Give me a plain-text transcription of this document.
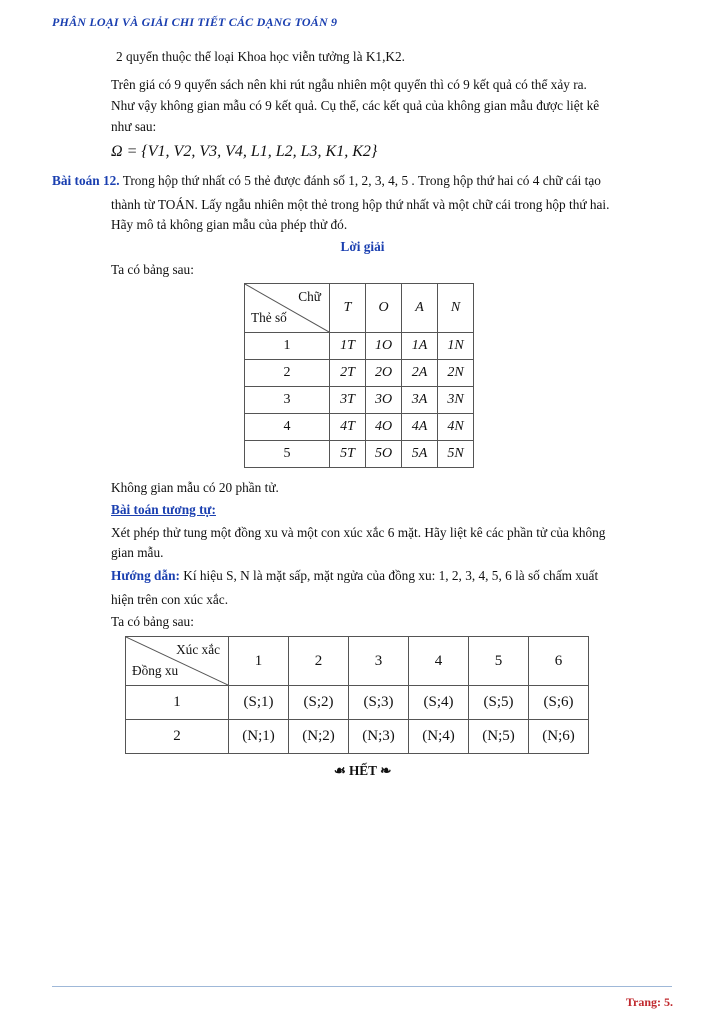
PHÂN LOẠI VÀ GIẢI CHI TIẾT CÁC DẠNG TOÁN 9
2 quyển thuộc thể loại Khoa học viễn tưởng là K1,K2.
Trên giá có 9 quyển sách nên khi rút ngẫu nhiên một quyển thì có 9 kết quả có thể xảy ra.
Như vậy không gian mẫu có 9 kết quả. Cụ thể, các kết quả của không gian mẫu được liệt kê
như sau:
Ω = {V1, V2, V3, V4, L1, L2, L3, K1, K2}
Bài toán 12. Trong hộp thứ nhất có 5 thẻ được đánh số 1, 2, 3, 4, 5 . Trong hộp thứ hai có 4 chữ cái tạo
thành từ TOÁN. Lấy ngẫu nhiên một thẻ trong hộp thứ nhất và một chữ cái trong hộp thứ hai.
Hãy mô tả không gian mẫu của phép thử đó.
Lời giải
Ta có bảng sau:
Chữ
Thẻ số	T	O	A	N
1	1T	1O	1A	1N
2	2T	2O	2A	2N
3	3T	3O	3A	3N
4	4T	4O	4A	4N
5	5T	5O	5A	5N
Không gian mẫu có 20 phần tử.
Bài toán tương tự:
Xét phép thử tung một đồng xu và một con xúc xắc 6 mặt. Hãy liệt kê các phần tử của không
gian mẫu.
Hướng dẫn: Kí hiệu S, N là mặt sấp, mặt ngửa của đồng xu: 1, 2, 3, 4, 5, 6 là số chấm xuất
hiện trên con xúc xắc.
Ta có bảng sau:
Xúc xắc
Đồng xu	1	2	3	4	5	6
1	(S;1)	(S;2)	(S;3)	(S;4)	(S;5)	(S;6)
2	(N;1)	(N;2)	(N;3)	(N;4)	(N;5)	(N;6)
☙ HẾT ❧
Trang: 5.
